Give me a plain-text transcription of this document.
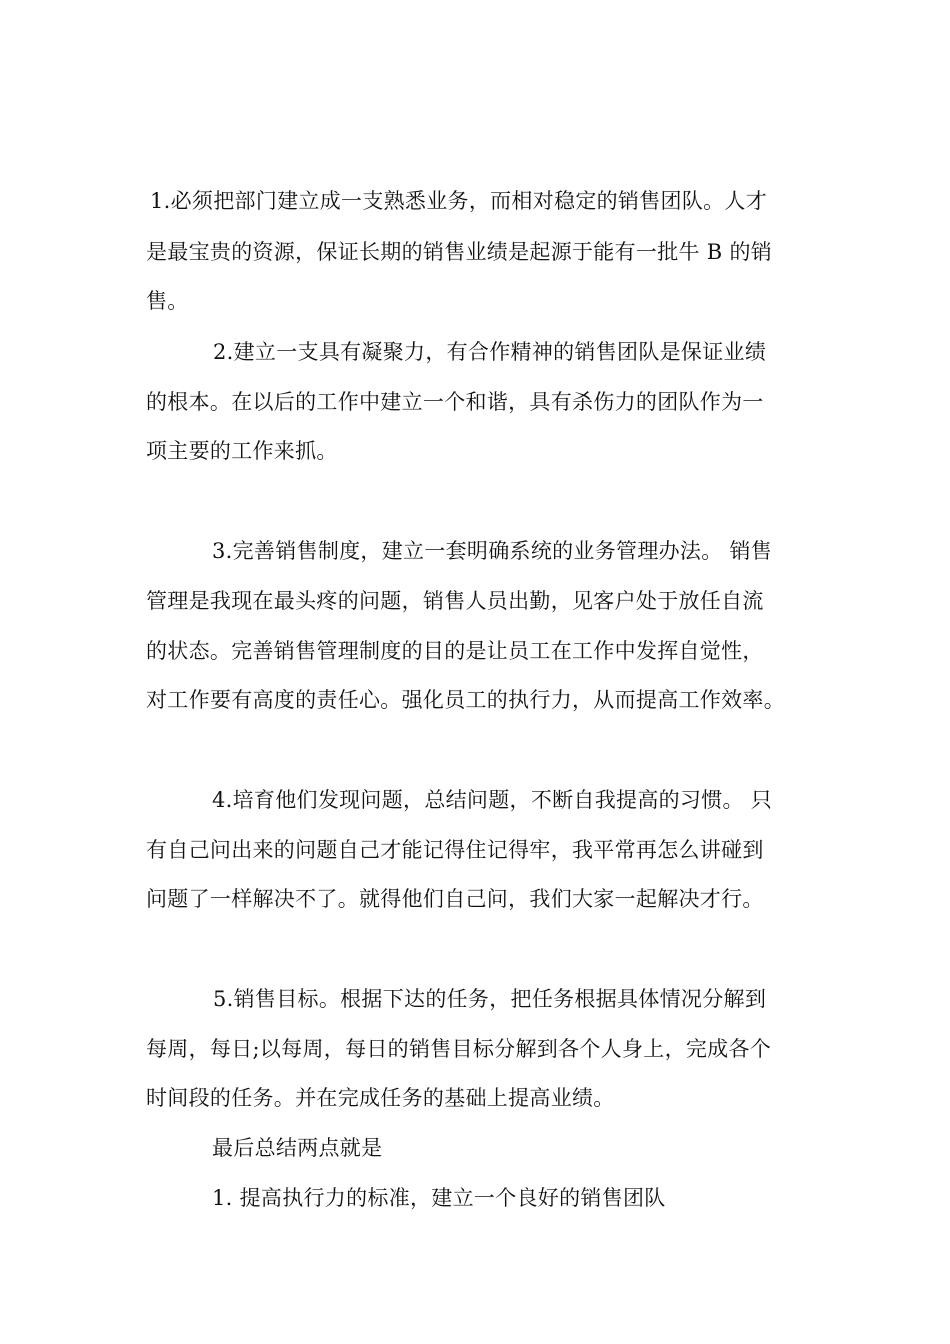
1.必须把部门建立成一支熟悉业务，而相对稳定的销售团队。人才
是最宝贵的资源，保证长期的销售业绩是起源于能有一批牛 B 的销
售。
2.建立一支具有凝聚力，有合作精神的销售团队是保证业绩
的根本。在以后的工作中建立一个和谐，具有杀伤力的团队作为一
项主要的工作来抓。
3.完善销售制度，建立一套明确系统的业务管理办法。 销售
管理是我现在最头疼的问题，销售人员出勤，见客户处于放任自流
的状态。完善销售管理制度的目的是让员工在工作中发挥自觉性，
对工作要有高度的责任心。强化员工的执行力，从而提高工作效率。
4.培育他们发现问题，总结问题，不断自我提高的习惯。 只
有自己问出来的问题自己才能记得住记得牢，我平常再怎么讲碰到
问题了一样解决不了。就得他们自己问，我们大家一起解决才行。
5.销售目标。根据下达的任务，把任务根据具体情况分解到
每周，每日;以每周，每日的销售目标分解到各个人身上，完成各个
时间段的任务。并在完成任务的基础上提高业绩。
最后总结两点就是
1. 提高执行力的标准，建立一个良好的销售团队
